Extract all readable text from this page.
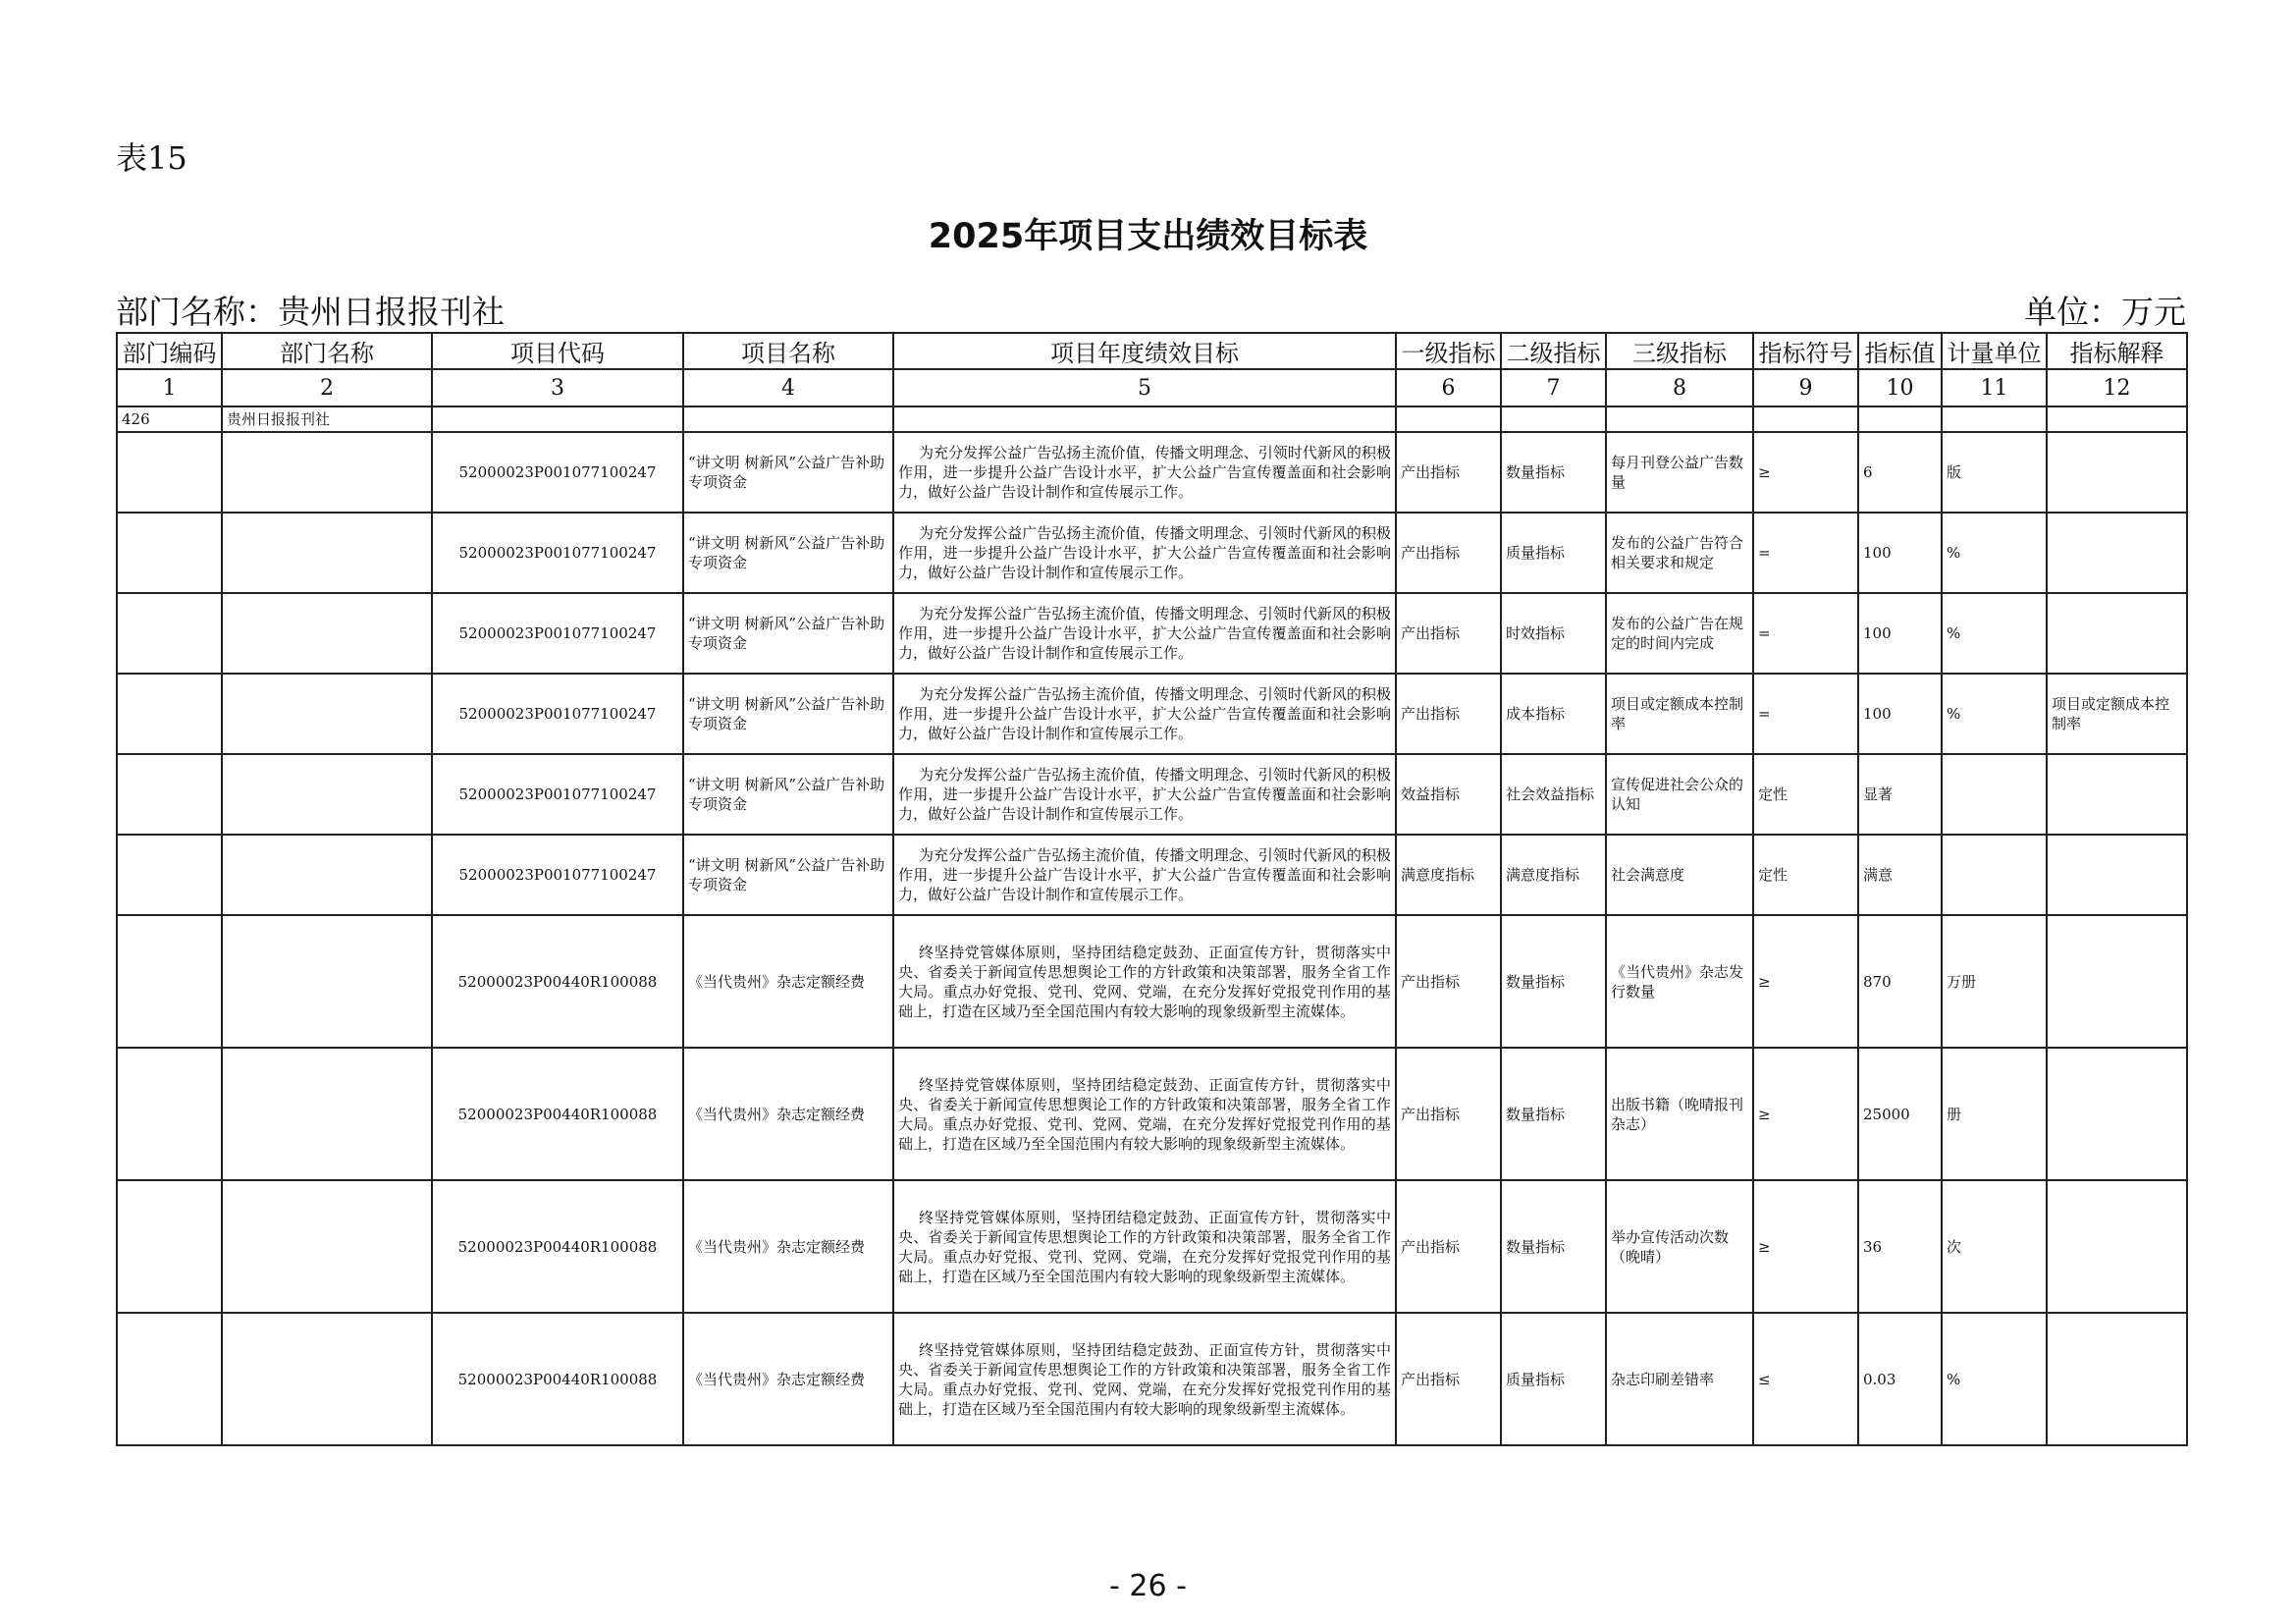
表15
2025年项目支出绩效目标表
部门名称：贵州日报报刊社	单位：万元
部门编码	部门名称	项目代码	项目名称	项目年度绩效目标	一级指标	二级指标	三级指标	指标符号	指标值	计量单位	指标解释
1	2	3	4	5	6	7	8	9	10	11	12
426	贵州日报报刊社										
		52000023P001077100247	“讲文明 树新风”公益广告补助专项资金	为充分发挥公益广告弘扬主流价值，传播文明理念、引领时代新风的积极作用，进一步提升公益广告设计水平，扩大公益广告宣传覆盖面和社会影响力，做好公益广告设计制作和宣传展示工作。	产出指标	数量指标	每月刊登公益广告数量	≥	6	版	
		52000023P001077100247	“讲文明 树新风”公益广告补助专项资金	为充分发挥公益广告弘扬主流价值，传播文明理念、引领时代新风的积极作用，进一步提升公益广告设计水平，扩大公益广告宣传覆盖面和社会影响力，做好公益广告设计制作和宣传展示工作。	产出指标	质量指标	发布的公益广告符合相关要求和规定	=	100	%	
		52000023P001077100247	“讲文明 树新风”公益广告补助专项资金	为充分发挥公益广告弘扬主流价值，传播文明理念、引领时代新风的积极作用，进一步提升公益广告设计水平，扩大公益广告宣传覆盖面和社会影响力，做好公益广告设计制作和宣传展示工作。	产出指标	时效指标	发布的公益广告在规定的时间内完成	=	100	%	
		52000023P001077100247	“讲文明 树新风”公益广告补助专项资金	为充分发挥公益广告弘扬主流价值，传播文明理念、引领时代新风的积极作用，进一步提升公益广告设计水平，扩大公益广告宣传覆盖面和社会影响力，做好公益广告设计制作和宣传展示工作。	产出指标	成本指标	项目或定额成本控制率	=	100	%	项目或定额成本控制率
		52000023P001077100247	“讲文明 树新风”公益广告补助专项资金	为充分发挥公益广告弘扬主流价值，传播文明理念、引领时代新风的积极作用，进一步提升公益广告设计水平，扩大公益广告宣传覆盖面和社会影响力，做好公益广告设计制作和宣传展示工作。	效益指标	社会效益指标	宣传促进社会公众的认知	定性	显著		
		52000023P001077100247	“讲文明 树新风”公益广告补助专项资金	为充分发挥公益广告弘扬主流价值，传播文明理念、引领时代新风的积极作用，进一步提升公益广告设计水平，扩大公益广告宣传覆盖面和社会影响力，做好公益广告设计制作和宣传展示工作。	满意度指标	满意度指标	社会满意度	定性	满意		
		52000023P00440R100088	《当代贵州》杂志定额经费	终坚持党管媒体原则，坚持团结稳定鼓劲、正面宣传方针，贯彻落实中央、省委关于新闻宣传思想舆论工作的方针政策和决策部署，服务全省工作大局。重点办好党报、党刊、党网、党端，在充分发挥好党报党刊作用的基础上，打造在区域乃至全国范围内有较大影响的现象级新型主流媒体。	产出指标	数量指标	《当代贵州》杂志发行数量	≥	870	万册	
		52000023P00440R100088	《当代贵州》杂志定额经费	终坚持党管媒体原则，坚持团结稳定鼓劲、正面宣传方针，贯彻落实中央、省委关于新闻宣传思想舆论工作的方针政策和决策部署，服务全省工作大局。重点办好党报、党刊、党网、党端，在充分发挥好党报党刊作用的基础上，打造在区域乃至全国范围内有较大影响的现象级新型主流媒体。	产出指标	数量指标	出版书籍（晚晴报刊杂志）	≥	25000	册	
		52000023P00440R100088	《当代贵州》杂志定额经费	终坚持党管媒体原则，坚持团结稳定鼓劲、正面宣传方针，贯彻落实中央、省委关于新闻宣传思想舆论工作的方针政策和决策部署，服务全省工作大局。重点办好党报、党刊、党网、党端，在充分发挥好党报党刊作用的基础上，打造在区域乃至全国范围内有较大影响的现象级新型主流媒体。	产出指标	数量指标	举办宣传活动次数（晚晴）	≥	36	次	
		52000023P00440R100088	《当代贵州》杂志定额经费	终坚持党管媒体原则，坚持团结稳定鼓劲、正面宣传方针，贯彻落实中央、省委关于新闻宣传思想舆论工作的方针政策和决策部署，服务全省工作大局。重点办好党报、党刊、党网、党端，在充分发挥好党报党刊作用的基础上，打造在区域乃至全国范围内有较大影响的现象级新型主流媒体。	产出指标	质量指标	杂志印刷差错率	≤	0.03	%	
- 26 -
